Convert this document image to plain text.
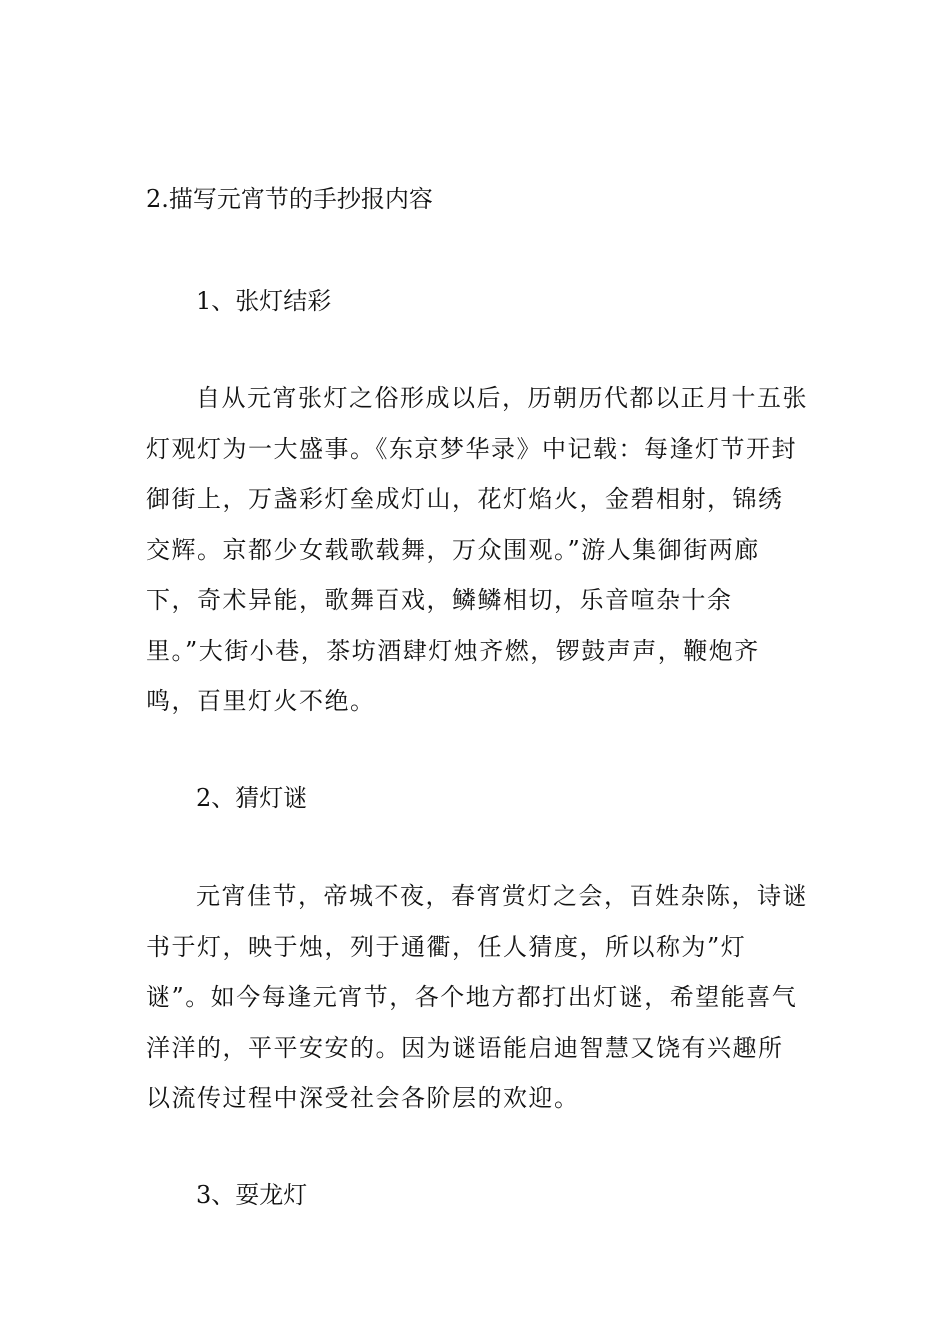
2.描写元宵节的手抄报内容
1、张灯结彩

自从元宵张灯之俗形成以后，历朝历代都以正月十五张灯观灯为一大盛事。《东京梦华录》中记载：每逢灯节开封御街上，万盏彩灯垒成灯山，花灯焰火，金碧相射，锦绣交辉。京都少女载歌载舞，万众围观。”游人集御街两廊下，奇术异能，歌舞百戏，鳞鳞相切，乐音喧杂十余里。”大街小巷，茶坊酒肆灯烛齐燃，锣鼓声声，鞭炮齐鸣，百里灯火不绝。

2、猜灯谜

元宵佳节，帝城不夜，春宵赏灯之会，百姓杂陈，诗谜书于灯，映于烛，列于通衢，任人猜度，所以称为”灯谜”。如今每逢元宵节，各个地方都打出灯谜，希望能喜气洋洋的，平平安安的。因为谜语能启迪智慧又饶有兴趣所以流传过程中深受社会各阶层的欢迎。

3、耍龙灯
